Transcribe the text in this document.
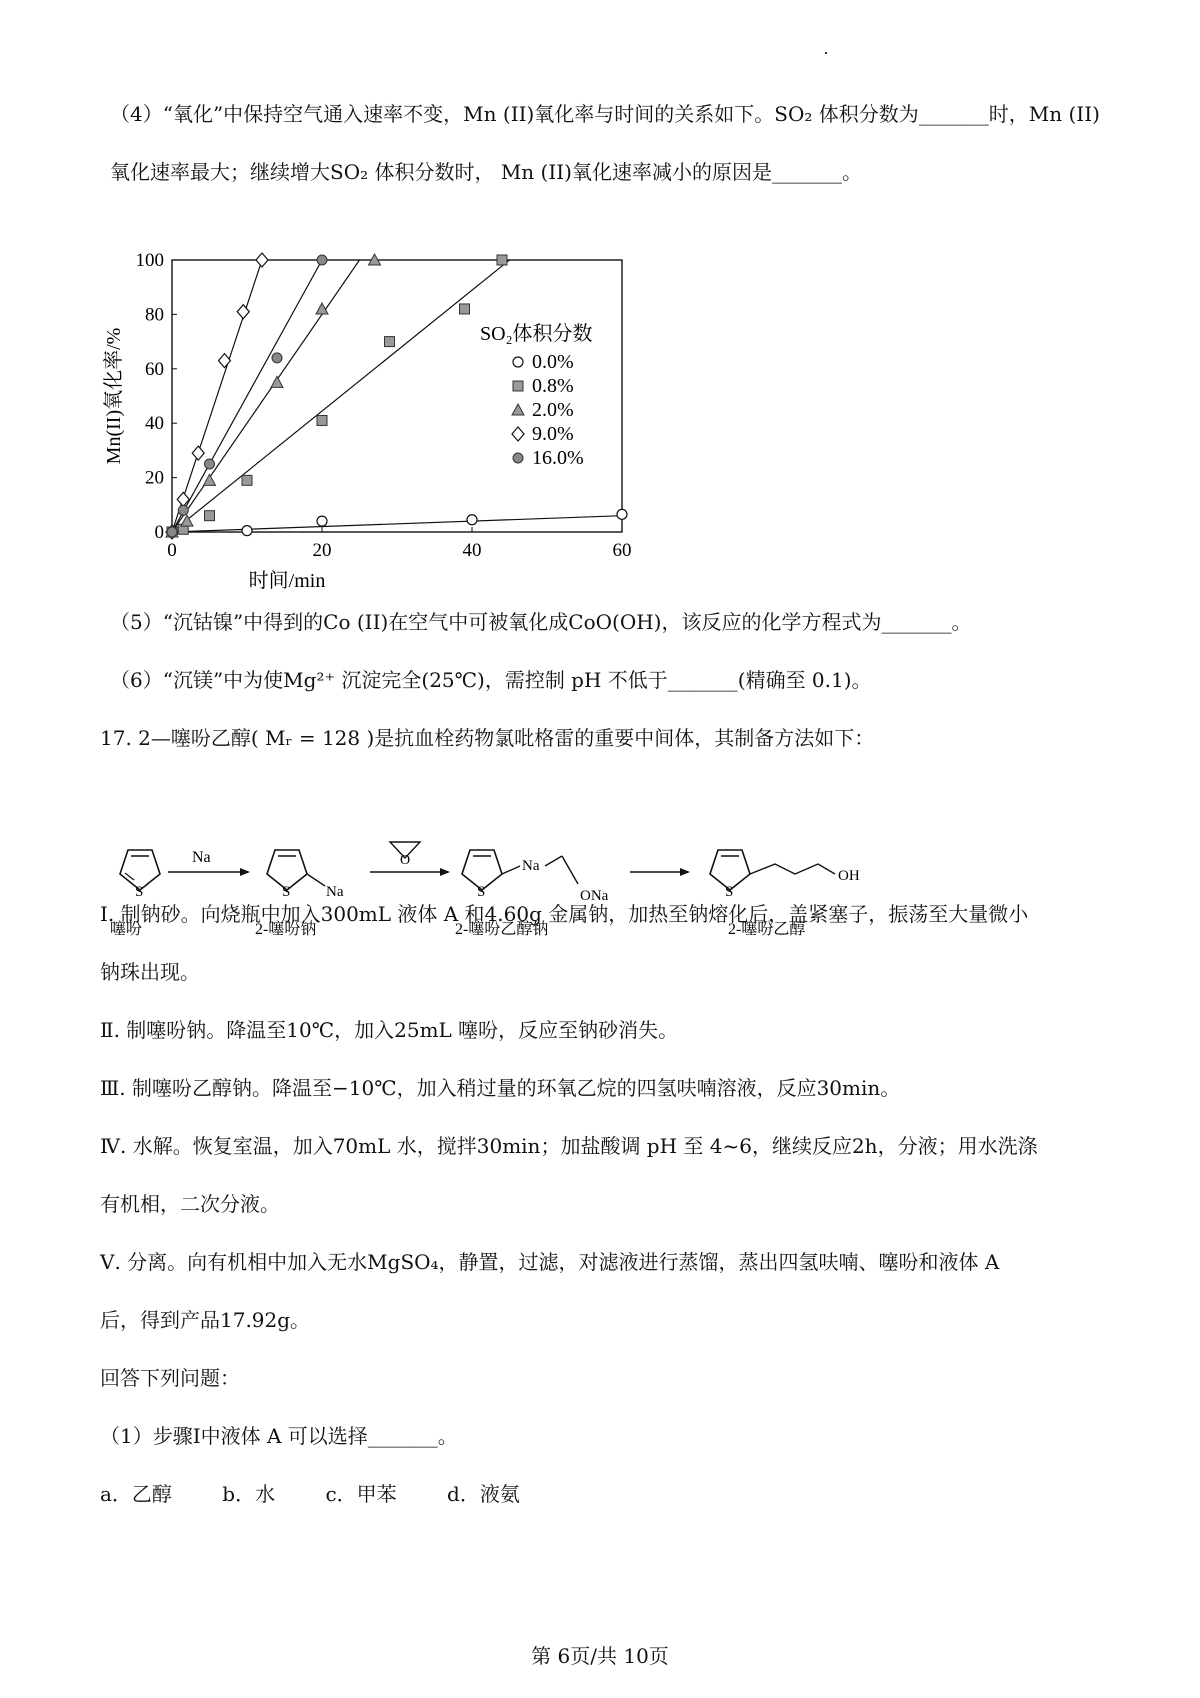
（4）“氧化”中保持空气通入速率不变，Mn (II)氧化率与时间的关系如下。SO₂ 体积分数为_______时，Mn (II)
氧化速率最大；继续增大SO₂ 体积分数时， Mn (II)氧化速率减小的原因是_______。
0	20	40	60
0
20
40
60
80
100
时间/min
Mn(II)氧化率/%	SO₂体积分数
0.0%
0.8%
2.0%
9.0%
16.0%
（5）“沉钴镍”中得到的Co (II)在空气中可被氧化成CoO(OH)，该反应的化学方程式为_______。
（6）“沉镁”中为使Mg²⁺ 沉淀完全(25℃)，需控制 pH 不低于_______(精确至 0.1)。
17. 2—噻吩乙醇( Mᵣ = 128 )是抗血栓药物氯吡格雷的重要中间体，其制备方法如下：
S
噻吩
Na
S Na
2-噻吩钠
O
S
Na
ONa
2-噻吩乙醇钠
S
OH
2-噻吩乙醇
Ⅰ. 制钠砂。向烧瓶中加入300mL 液体 A 和4.60g 金属钠，加热至钠熔化后，盖紧塞子，振荡至大量微小
钠珠出现。
Ⅱ. 制噻吩钠。降温至10℃，加入25mL 噻吩，反应至钠砂消失。
Ⅲ. 制噻吩乙醇钠。降温至−10℃，加入稍过量的环氧乙烷的四氢呋喃溶液，反应30min。
Ⅳ. 水解。恢复室温，加入70mL 水，搅拌30min；加盐酸调 pH 至 4~6，继续反应2h，分液；用水洗涤
有机相，二次分液。
Ⅴ. 分离。向有机相中加入无水MgSO₄，静置，过滤，对滤液进行蒸馏，蒸出四氢呋喃、噻吩和液体 A
后，得到产品17.92g。
回答下列问题：
（1）步骤Ⅰ中液体 A 可以选择_______。
a．乙醇	b．水	c．甲苯	d．液氨
第 6页/共 10页
